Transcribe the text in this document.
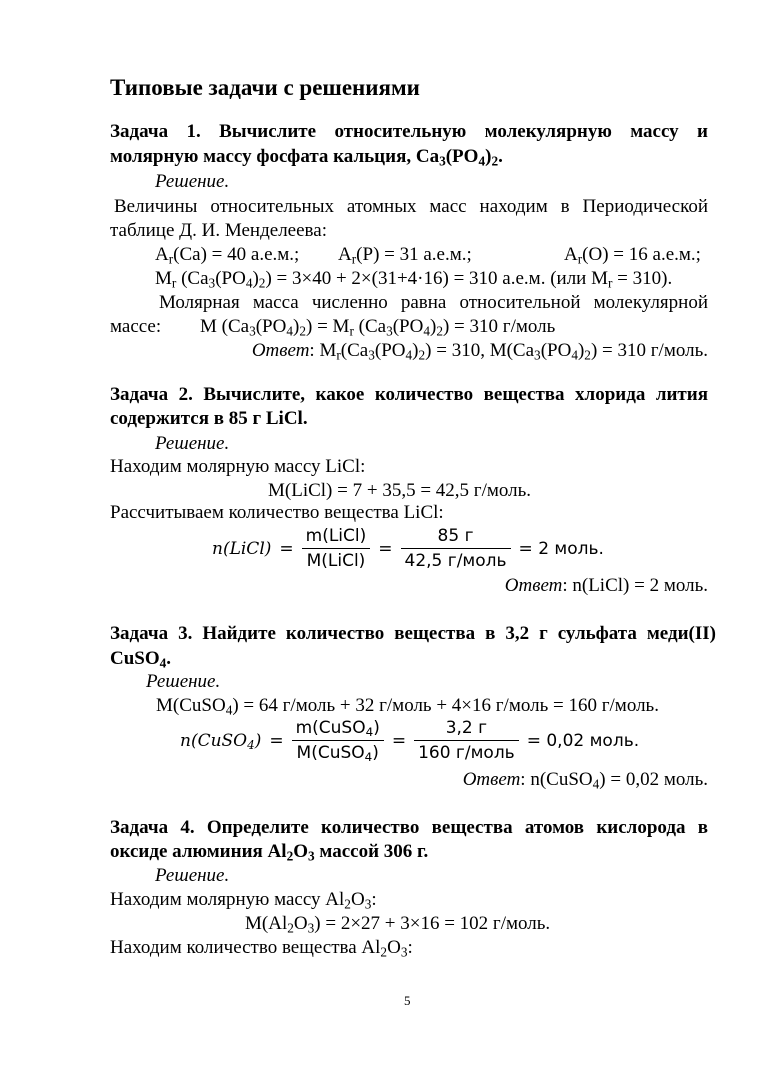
Типовые задачи с решениями
Задача 1. Вычислите относительную молекулярную массу и
молярную массу фосфата кальция, $Ca_3(PO_4)_2$.
Решение.
Величины относительных атомных масс находим в Периодической
таблице Д. И. Менделеева:
$A_r(Ca) = 40$ а.е.м.; $A_r(P) = 31$ а.е.м.;	$A_r(O) = 16$ а.е.м.;
$M_r$ $(Ca_3(PO_4)_2) = 3\times 40 + 2\times(31+4\cdot 16) = 310$ а.е.м. (или $M_r = 310$).
Молярная масса численно равна относительной молекулярной
массе: М $(Ca_3(PO_4)_2) = M_r$ $(Ca_3(PO_4)_2) = 310$ г/моль
Ответ: $M_r(Ca_3(PO_4)_2) = 310$, $M(Ca_3(PO_4)_2) = 310$ г/моль.
Задача 2. Вычислите, какое количество вещества хлорида лития
содержится в 85 г LiCl.
Решение.
Находим молярную массу LiCl:
M(LiCl) = 7 + 35,5 = 42,5 г/моль.
Рассчитываем количество вещества LiCl:
n(LiCl) =
m(LiCl)
M(LiCl)
=
85 г
42,5 г/моль
= 2 моль.
Ответ: n(LiCl) = 2 моль.
Задача 3. Найдите количество вещества в 3,2 г сульфата меди(II)
CuSO$_4$.
Решение.
M(CuSO$_4$) = 64 г/моль + 32 г/моль + 4×16 г/моль = 160 г/моль.
n(CuSO$_4$) =
m(CuSO$_4$)
M(CuSO$_4$)
=
3,2 г
160 г/моль
= 0,02 моль.
Ответ: n(CuSO$_4$) = 0,02 моль.
Задача 4. Определите количество вещества атомов кислорода в
оксиде алюминия $Al_2O_3$ массой 306 г.
Решение.
Находим молярную массу $Al_2O_3$:
$M(Al_2O_3) = 2\times 27 + 3\times 16 = 102$ г/моль.
Находим количество вещества $Al_2O_3$:
5
